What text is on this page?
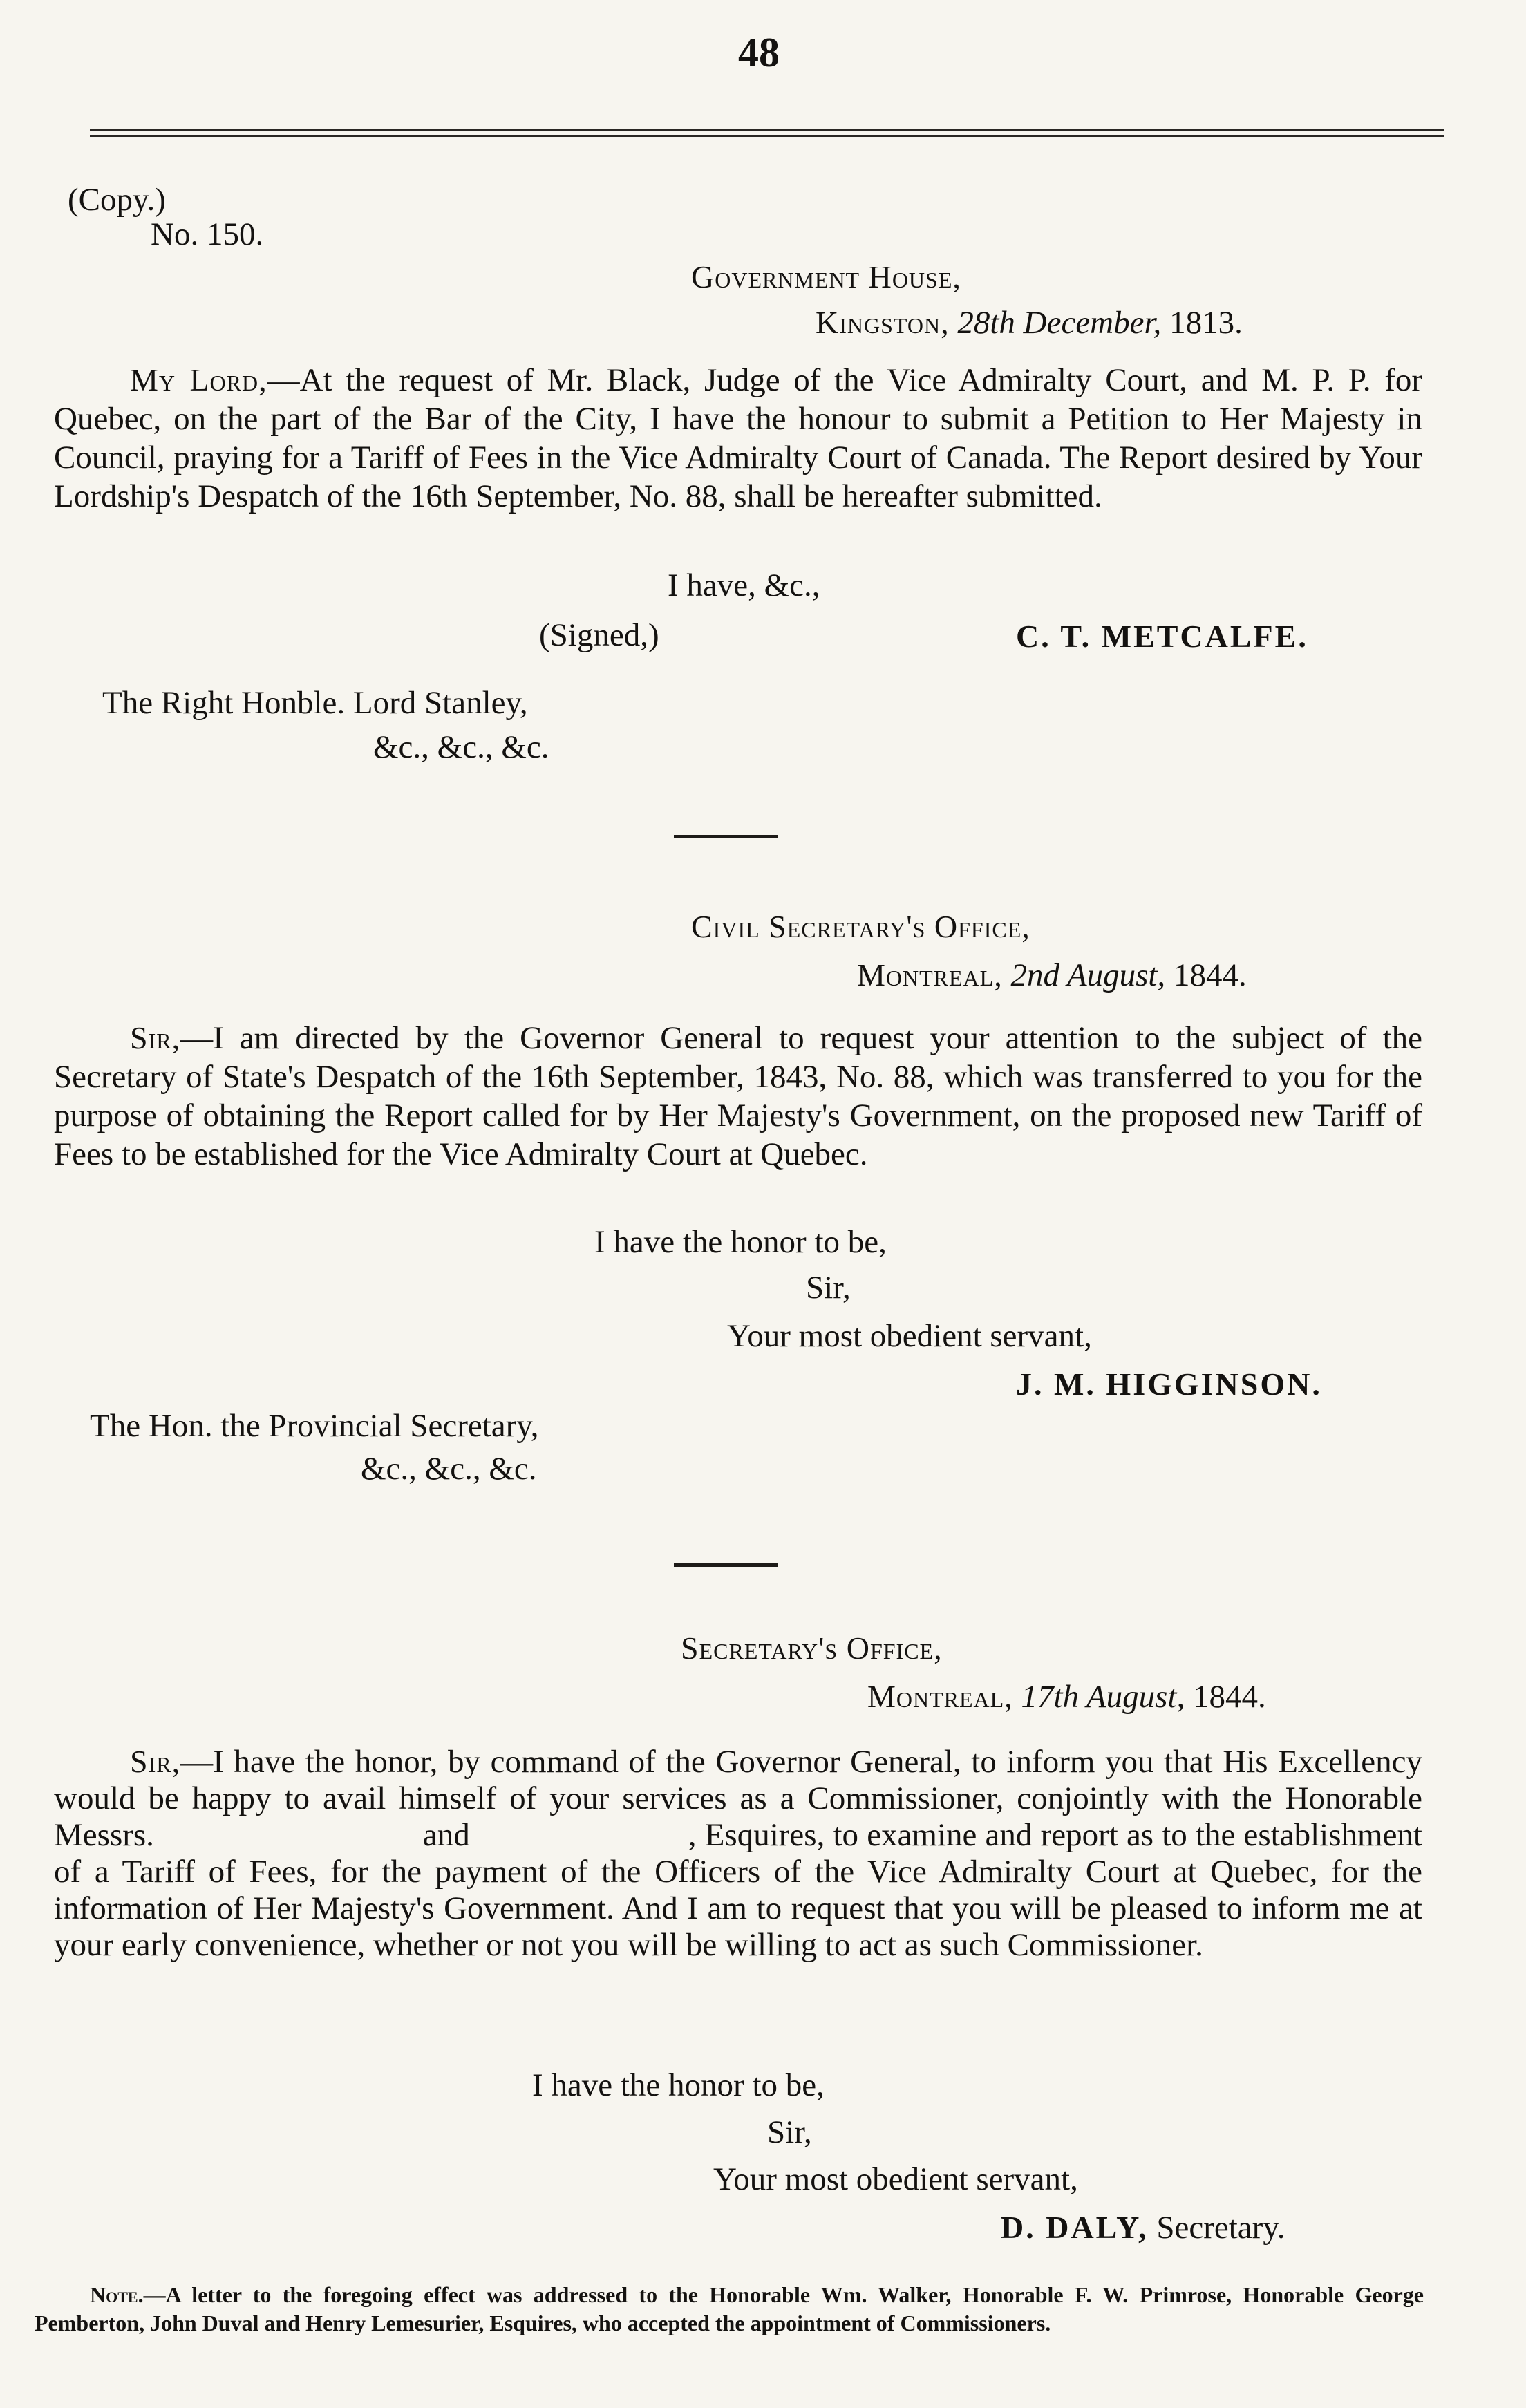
48
(Copy.)
No. 150.
Government House,
Kingston, 28th December, 1813.

My Lord,—At the request of Mr. Black, Judge of the Vice Admiralty Court, and M. P. P. for Quebec, on the part of the Bar of the City, I have the honour to submit a Petition to Her Majesty in Council, praying for a Tariff of Fees in the Vice Admiralty Court of Canada. The Report desired by Your Lordship's Despatch of the 16th September, No. 88, shall be hereafter submitted.

I have, &c.,
(Signed,)	C. T. METCALFE.
The Right Honble. Lord Stanley,
&c., &c., &c.
Civil Secretary's Office,
Montreal, 2nd August, 1844.

Sir,—I am directed by the Governor General to request your attention to the subject of the Secretary of State's Despatch of the 16th September, 1843, No. 88, which was transferred to you for the purpose of obtaining the Report called for by Her Majesty's Government, on the proposed new Tariff of Fees to be established for the Vice Admiralty Court at Quebec.

I have the honor to be,
Sir,
Your most obedient servant,
J. M. HIGGINSON.
The Hon. the Provincial Secretary,
&c., &c., &c.
Secretary's Office,
Montreal, 17th August, 1844.

Sir,—I have the honor, by command of the Governor General, to inform you that His Excellency would be happy to avail himself of your services as a Commissioner, conjointly with the Honorable Messrs.                                and                          , Esquires, to examine and report as to the establishment of a Tariff of Fees, for the payment of the Officers of the Vice Admiralty Court at Quebec, for the information of Her Majesty's Government. And I am to request that you will be pleased to inform me at your early convenience, whether or not you will be willing to act as such Commissioner.

I have the honor to be,
Sir,
Your most obedient servant,
D. DALY, Secretary.
Note.—A letter to the foregoing effect was addressed to the Honorable Wm. Walker, Honorable F. W. Primrose, Honorable George Pemberton, John Duval and Henry Lemesurier, Esquires, who accepted the appointment of Commissioners.
